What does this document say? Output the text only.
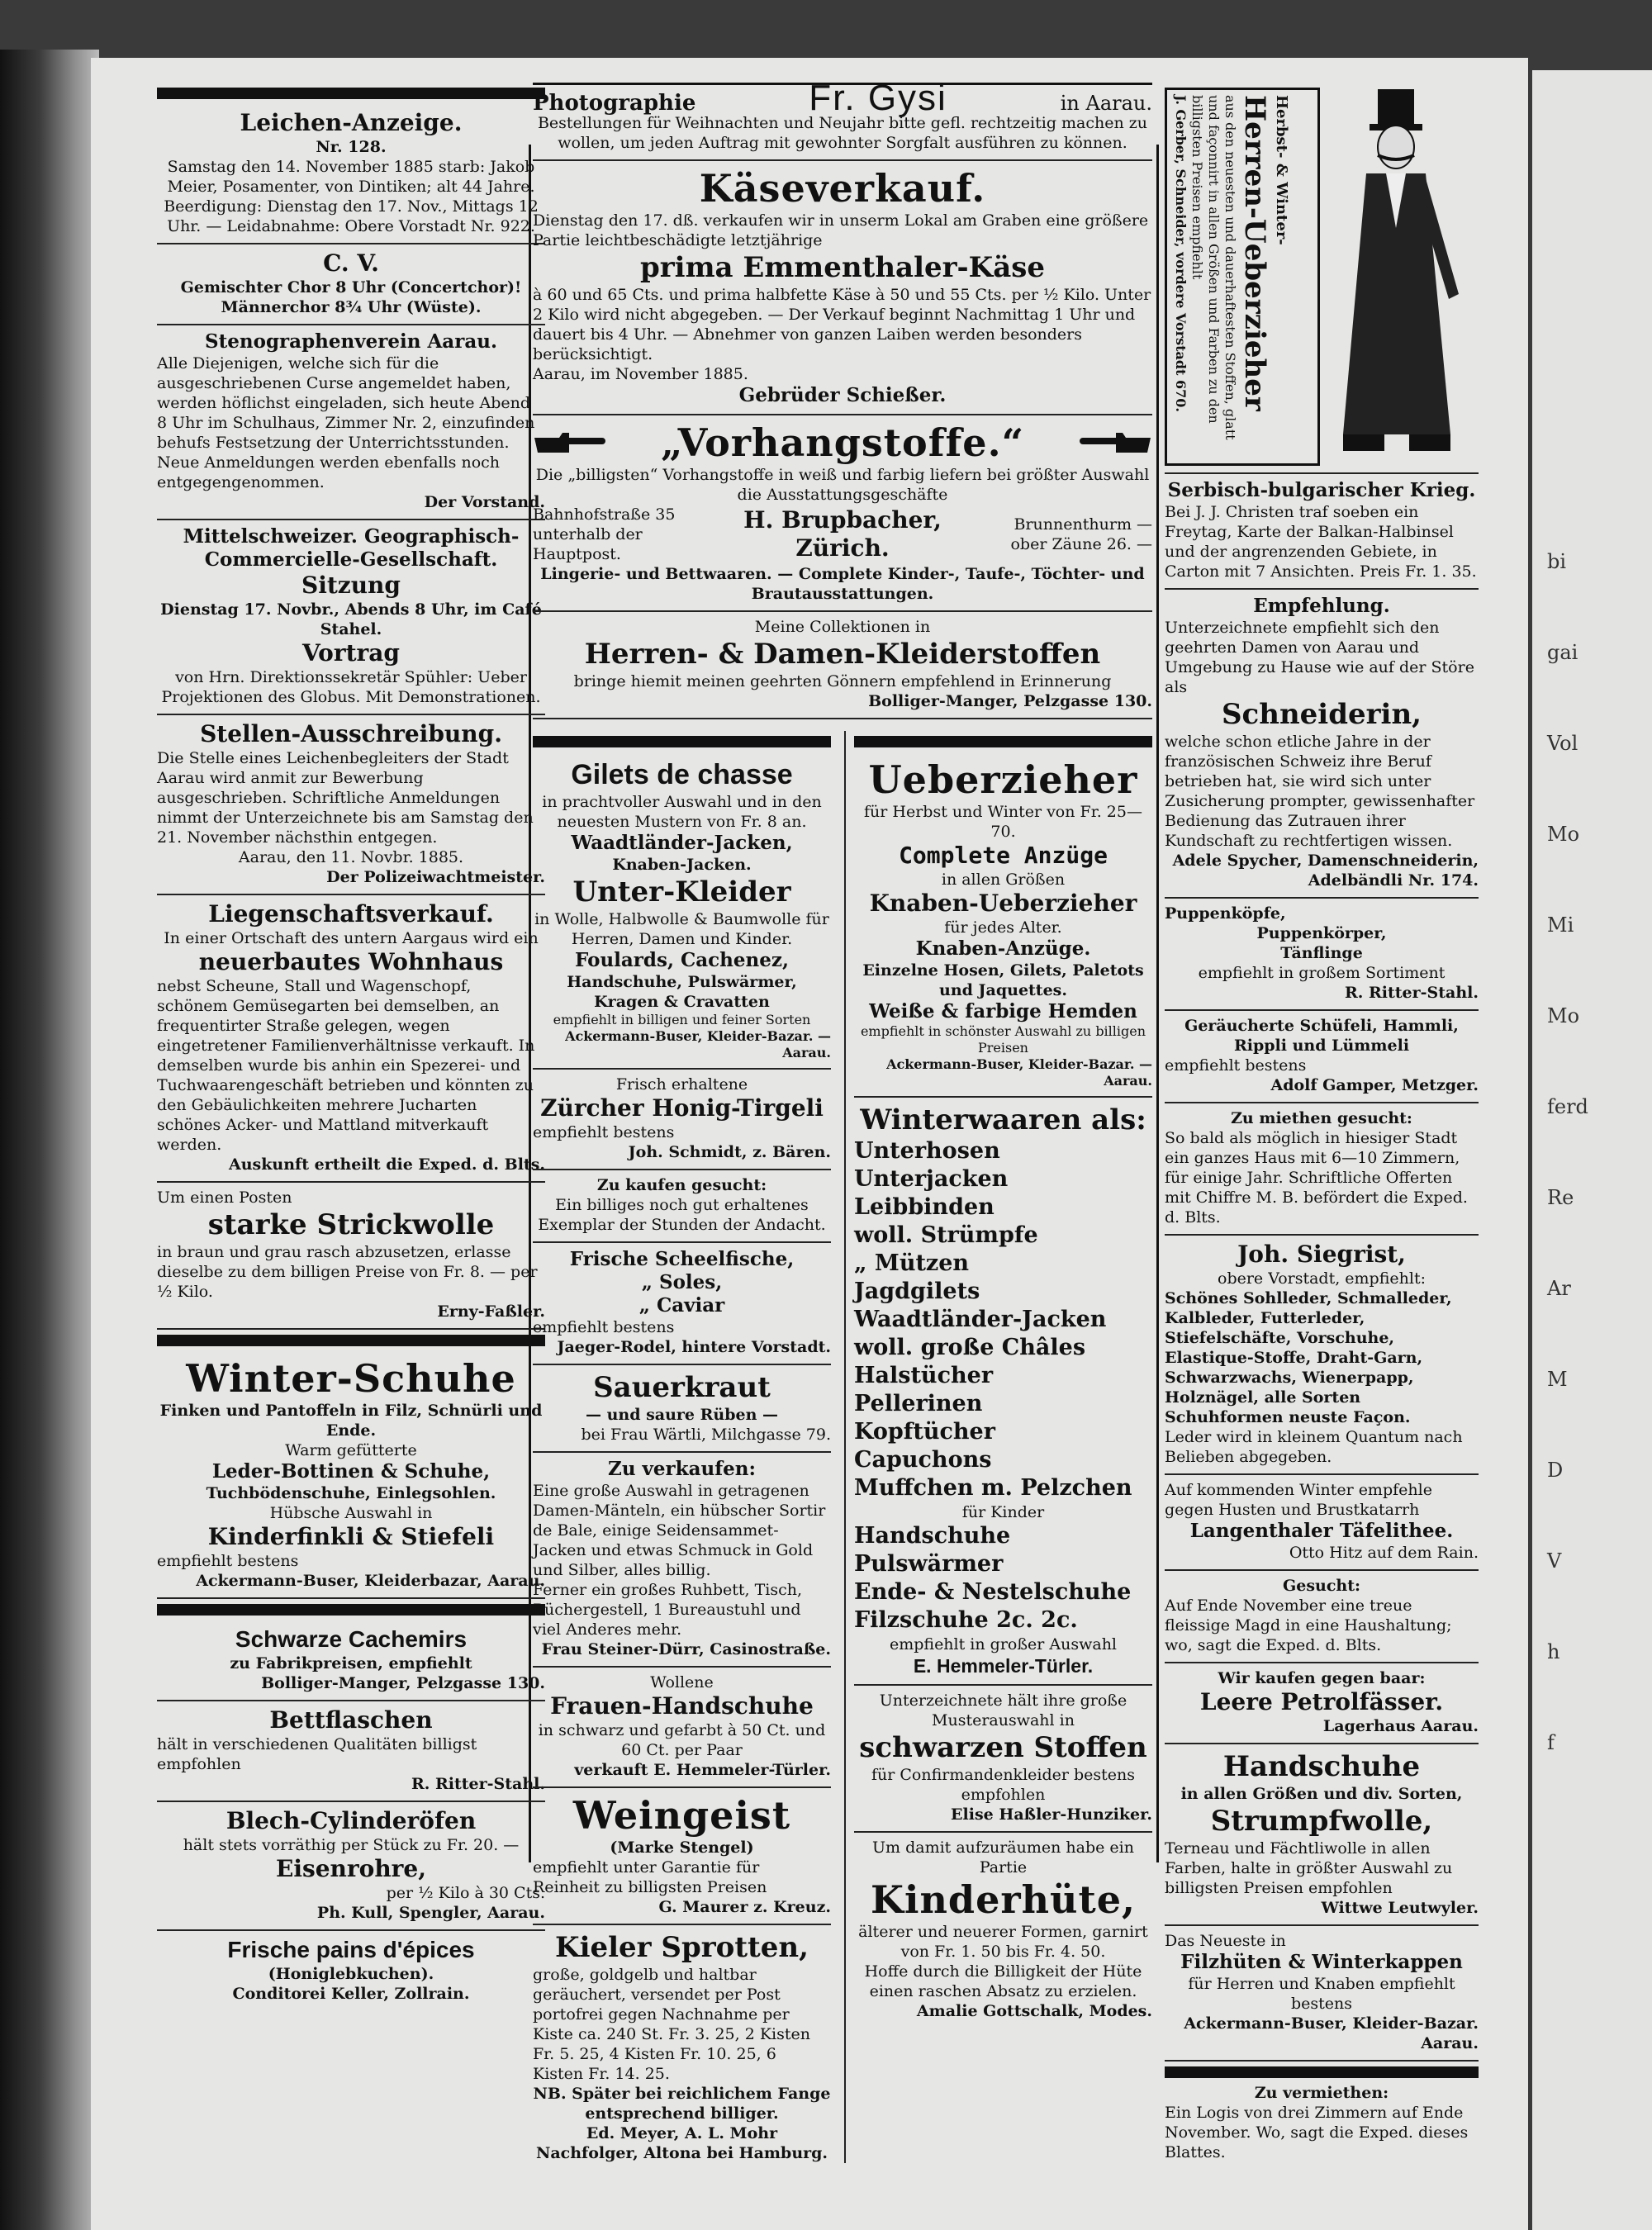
Leichen-Anzeige.
Nr. 128.
Samstag den 14. November 1885 starb: Jakob Meier, Posamenter, von Dintiken; alt 44 Jahre.
Beerdigung: Dienstag den 17. Nov., Mittags 12 Uhr. — Leidabnahme: Obere Vorstadt Nr. 922.
C. V.
Gemischter Chor 8 Uhr (Concertchor)!
Männerchor 8¾ Uhr (Wüste).
Stenographenverein Aarau.
Alle Diejenigen, welche sich für die ausgeschriebenen Curse angemeldet haben, werden höflichst eingeladen, sich heute Abend 8 Uhr im Schulhaus, Zimmer Nr. 2, einzufinden behufs Festsetzung der Unterrichtsstunden.
Neue Anmeldungen werden ebenfalls noch entgegengenommen.
Der Vorstand.
Mittelschweizer. Geographisch-Commercielle-Gesellschaft.
Sitzung
Dienstag 17. Novbr., Abends 8 Uhr, im Café Stahel.
Vortrag
von Hrn. Direktionssekretär Spühler: Ueber Projektionen des Globus. Mit Demonstrationen.
Stellen-Ausschreibung.
Die Stelle eines Leichenbegleiters der Stadt Aarau wird anmit zur Bewerbung ausgeschrieben. Schriftliche Anmeldungen nimmt der Unterzeichnete bis am Samstag den 21. November nächsthin entgegen.
Aarau, den 11. Novbr. 1885.
Der Polizeiwachtmeister.
Liegenschaftsverkauf.
In einer Ortschaft des untern Aargaus wird ein
neuerbautes Wohnhaus
nebst Scheune, Stall und Wagenschopf, schönem Gemüsegarten bei demselben, an frequentirter Straße gelegen, wegen eingetretener Familienverhältnisse verkauft. In demselben wurde bis anhin ein Spezerei- und Tuchwaarengeschäft betrieben und könnten zu den Gebäulichkeiten mehrere Jucharten schönes Acker- und Mattland mitverkauft werden.
Auskunft ertheilt die Exped. d. Blts.
Um einen Posten
starke Strickwolle
in braun und grau rasch abzusetzen, erlasse dieselbe zu dem billigen Preise von Fr. 8. — per ½ Kilo.
Erny-Faßler.
Winter-Schuhe
Finken und Pantoffeln in Filz, Schnürli und Ende.
Warm gefütterte
Leder-Bottinen & Schuhe,
Tuchbödenschuhe, Einlegsohlen.
Hübsche Auswahl in
Kinderfinkli & Stiefeli
empfiehlt bestens
Ackermann-Buser, Kleiderbazar, Aarau.
Schwarze Cachemirs
zu Fabrikpreisen, empfiehlt
Bolliger-Manger, Pelzgasse 130.
Bettflaschen
hält in verschiedenen Qualitäten billigst empfohlen
R. Ritter-Stahl.
Blech-Cylinderöfen
hält stets vorräthig per Stück zu Fr. 20. —
Eisenrohre,
per ½ Kilo à 30 Cts.
Ph. Kull, Spengler, Aarau.
Frische pains d'épices
(Honiglebkuchen).
Conditorei Keller, Zollrain.
Photographie	Fr. Gysi	in Aarau.
Bestellungen für Weihnachten und Neujahr bitte gefl. rechtzeitig machen zu wollen, um jeden Auftrag mit gewohnter Sorgfalt ausführen zu können.
Käseverkauf.
Dienstag den 17. dß. verkaufen wir in unserm Lokal am Graben eine größere Partie leichtbeschädigte letztjährige
prima Emmenthaler-Käse
à 60 und 65 Cts. und prima halbfette Käse à 50 und 55 Cts. per ½ Kilo. Unter 2 Kilo wird nicht abgegeben. — Der Verkauf beginnt Nachmittag 1 Uhr und dauert bis 4 Uhr. — Abnehmer von ganzen Laiben werden besonders berücksichtigt.
Aarau, im November 1885.
Gebrüder Schießer.
„Vorhangstoffe.“
Die „billigsten“ Vorhangstoffe in weiß und farbig liefern bei größter Auswahl die Ausstattungsgeschäfte
Bahnhofstraße 35 unterhalb der Hauptpost.
H. Brupbacher, Zürich.
Brunnenthurm — ober Zäune 26. —
Lingerie- und Bettwaaren. — Complete Kinder-, Taufe-, Töchter- und Brautausstattungen.
Meine Collektionen in
Herren- & Damen-Kleiderstoffen
bringe hiemit meinen geehrten Gönnern empfehlend in Erinnerung
Bolliger-Manger, Pelzgasse 130.
Gilets de chasse
in prachtvoller Auswahl und in den neuesten Mustern von Fr. 8 an.
Waadtländer-Jacken,
Knaben-Jacken.
Unter-Kleider
in Wolle, Halbwolle & Baumwolle für Herren, Damen und Kinder.
Foulards, Cachenez,
Handschuhe, Pulswärmer, Kragen & Cravatten
empfiehlt in billigen und feiner Sorten
Ackermann-Buser, Kleider-Bazar. — Aarau.
Frisch erhaltene
Zürcher Honig-Tirgeli
empfiehlt bestens
Joh. Schmidt, z. Bären.
Zu kaufen gesucht:
Ein billiges noch gut erhaltenes Exemplar der Stunden der Andacht.
Frische Scheelfische,
„ Soles,
„ Caviar
empfiehlt bestens
Jaeger-Rodel, hintere Vorstadt.
Sauerkraut
— und saure Rüben —
bei Frau Wärtli, Milchgasse 79.
Zu verkaufen:
Eine große Auswahl in getragenen Damen-Mänteln, ein hübscher Sortir de Bale, einige Seidensammet-Jacken und etwas Schmuck in Gold und Silber, alles billig.
Ferner ein großes Ruhbett, Tisch, Büchergestell, 1 Bureaustuhl und viel Anderes mehr.
Frau Steiner-Dürr, Casinostraße.
Wollene
Frauen-Handschuhe
in schwarz und gefarbt à 50 Ct. und 60 Ct. per Paar
verkauft E. Hemmeler-Türler.
Weingeist
(Marke Stengel)
empfiehlt unter Garantie für Reinheit zu billigsten Preisen
G. Maurer z. Kreuz.
Kieler Sprotten,
große, goldgelb und haltbar geräuchert, versendet per Post portofrei gegen Nachnahme per Kiste ca. 240 St. Fr. 3. 25, 2 Kisten Fr. 5. 25, 4 Kisten Fr. 10. 25, 6 Kisten Fr. 14. 25.
NB. Später bei reichlichem Fange entsprechend billiger.
Ed. Meyer, A. L. Mohr Nachfolger, Altona bei Hamburg.
Ueberzieher
für Herbst und Winter von Fr. 25—70.
Complete Anzüge
in allen Größen
Knaben-Ueberzieher
für jedes Alter.
Knaben-Anzüge.
Einzelne Hosen, Gilets, Paletots und Jaquettes.
Weiße & farbige Hemden
empfiehlt in schönster Auswahl zu billigen Preisen
Ackermann-Buser, Kleider-Bazar. — Aarau.
Winterwaaren als:
Unterhosen
Unterjacken
Leibbinden
woll. Strümpfe
„ Mützen
Jagdgilets
Waadtländer-Jacken
woll. große Châles
Halstücher
Pellerinen
Kopftücher
Capuchons
Muffchen m. Pelzchen
für Kinder
Handschuhe
Pulswärmer
Ende- & Nestelschuhe
Filzschuhe 2c. 2c.
empfiehlt in großer Auswahl
E. Hemmeler-Türler.
Unterzeichnete hält ihre große Musterauswahl in
schwarzen Stoffen
für Confirmandenkleider bestens empfohlen
Elise Haßler-Hunziker.
Um damit aufzuräumen habe ein Partie
Kinderhüte,
älterer und neuerer Formen, garnirt von Fr. 1. 50 bis Fr. 4. 50.
Hoffe durch die Billigkeit der Hüte einen raschen Absatz zu erzielen.
Amalie Gottschalk, Modes.
Herbst- & Winter-
Herren-Ueberzieher
aus den neuesten und dauerhaftesten Stoffen, glatt und façonnirt in allen Größen und Farben zu den billigsten Preisen empfiehlt
J. Gerber, Schneider, vordere Vorstadt 670.
Serbisch-bulgarischer Krieg.
Bei J. J. Christen traf soeben ein Freytag, Karte der Balkan-Halbinsel und der angrenzenden Gebiete, in Carton mit 7 Ansichten. Preis Fr. 1. 35.
Empfehlung.
Unterzeichnete empfiehlt sich den geehrten Damen von Aarau und Umgebung zu Hause wie auf der Störe als
Schneiderin,
welche schon etliche Jahre in der französischen Schweiz ihre Beruf betrieben hat, sie wird sich unter Zusicherung prompter, gewissenhafter Bedienung das Zutrauen ihrer Kundschaft zu rechtfertigen wissen.
Adele Spycher, Damenschneiderin, Adelbändli Nr. 174.
Puppenköpfe,
Puppenkörper,
Tänflinge
empfiehlt in großem Sortiment
R. Ritter-Stahl.
Geräucherte Schüfeli, Hammli,
Rippli und Lümmeli
empfiehlt bestens
Adolf Gamper, Metzger.
Zu miethen gesucht:
So bald als möglich in hiesiger Stadt ein ganzes Haus mit 6—10 Zimmern, für einige Jahr. Schriftliche Offerten mit Chiffre M. B. befördert die Exped. d. Blts.
Joh. Siegrist,
obere Vorstadt, empfiehlt:
Schönes Sohlleder, Schmalleder, Kalbleder, Futterleder, Stiefelschäfte, Vorschuhe, Elastique-Stoffe, Draht-Garn, Schwarzwachs, Wienerpapp, Holznägel, alle Sorten Schuhformen neuste Façon.
Leder wird in kleinem Quantum nach Belieben abgegeben.
Auf kommenden Winter empfehle gegen Husten und Brustkatarrh
Langenthaler Täfelithee.
Otto Hitz auf dem Rain.
Gesucht:
Auf Ende November eine treue fleissige Magd in eine Haushaltung; wo, sagt die Exped. d. Blts.
Wir kaufen gegen baar:
Leere Petrolfässer.
Lagerhaus Aarau.
Handschuhe
in allen Größen und div. Sorten,
Strumpfwolle,
Terneau und Fächtliwolle in allen Farben, halte in größter Auswahl zu billigsten Preisen empfohlen
Wittwe Leutwyler.
Das Neueste in
Filzhüten & Winterkappen
für Herren und Knaben empfiehlt bestens
Ackermann-Buser, Kleider-Bazar. Aarau.
Zu vermiethen:
Ein Logis von drei Zimmern auf Ende November. Wo, sagt die Exped. dieses Blattes.
bi
gai
Vol
Mo
Mi
Mo
ferd
Re
Ar
M
D
V
h
f
